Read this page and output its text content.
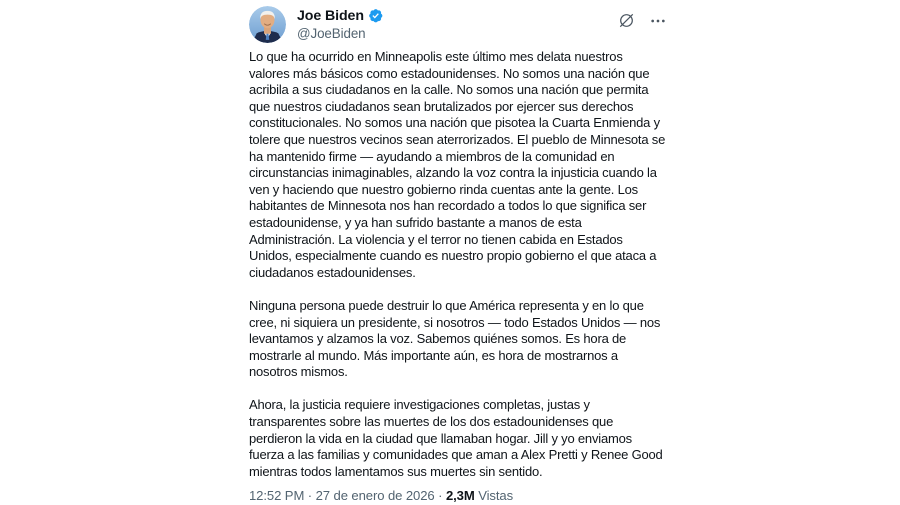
Joe Biden
@JoeBiden

Lo que ha ocurrido en Minneapolis este último mes delata nuestros valores más básicos como estadounidenses. No somos una nación que acribila a sus ciudadanos en la calle. No somos una nación que permita que nuestros ciudadanos sean brutalizados por ejercer sus derechos constitucionales. No somos una nación que pisotea la Cuarta Enmienda y tolere que nuestros vecinos sean aterrorizados. El pueblo de Minnesota se ha mantenido firme — ayudando a miembros de la comunidad en circunstancias inimaginables, alzando la voz contra la injusticia cuando la ven y haciendo que nuestro gobierno rinda cuentas ante la gente. Los habitantes de Minnesota nos han recordado a todos lo que significa ser estadounidense, y ya han sufrido bastante a manos de esta Administración. La violencia y el terror no tienen cabida en Estados Unidos, especialmente cuando es nuestro propio gobierno el que ataca a ciudadanos estadounidenses.

Ninguna persona puede destruir lo que América representa y en lo que cree, ni siquiera un presidente, si nosotros — todo Estados Unidos — nos levantamos y alzamos la voz. Sabemos quiénes somos. Es hora de mostrarle al mundo. Más importante aún, es hora de mostrarnos a nosotros mismos.

Ahora, la justicia requiere investigaciones completas, justas y transparentes sobre las muertes de los dos estadounidenses que perdieron la vida en la ciudad que llamaban hogar. Jill y yo enviamos fuerza a las familias y comunidades que aman a Alex Pretti y Renee Good mientras todos lamentamos sus muertes sin sentido.

12:52 PM · 27 de enero de 2026 · 2,3M Vistas
